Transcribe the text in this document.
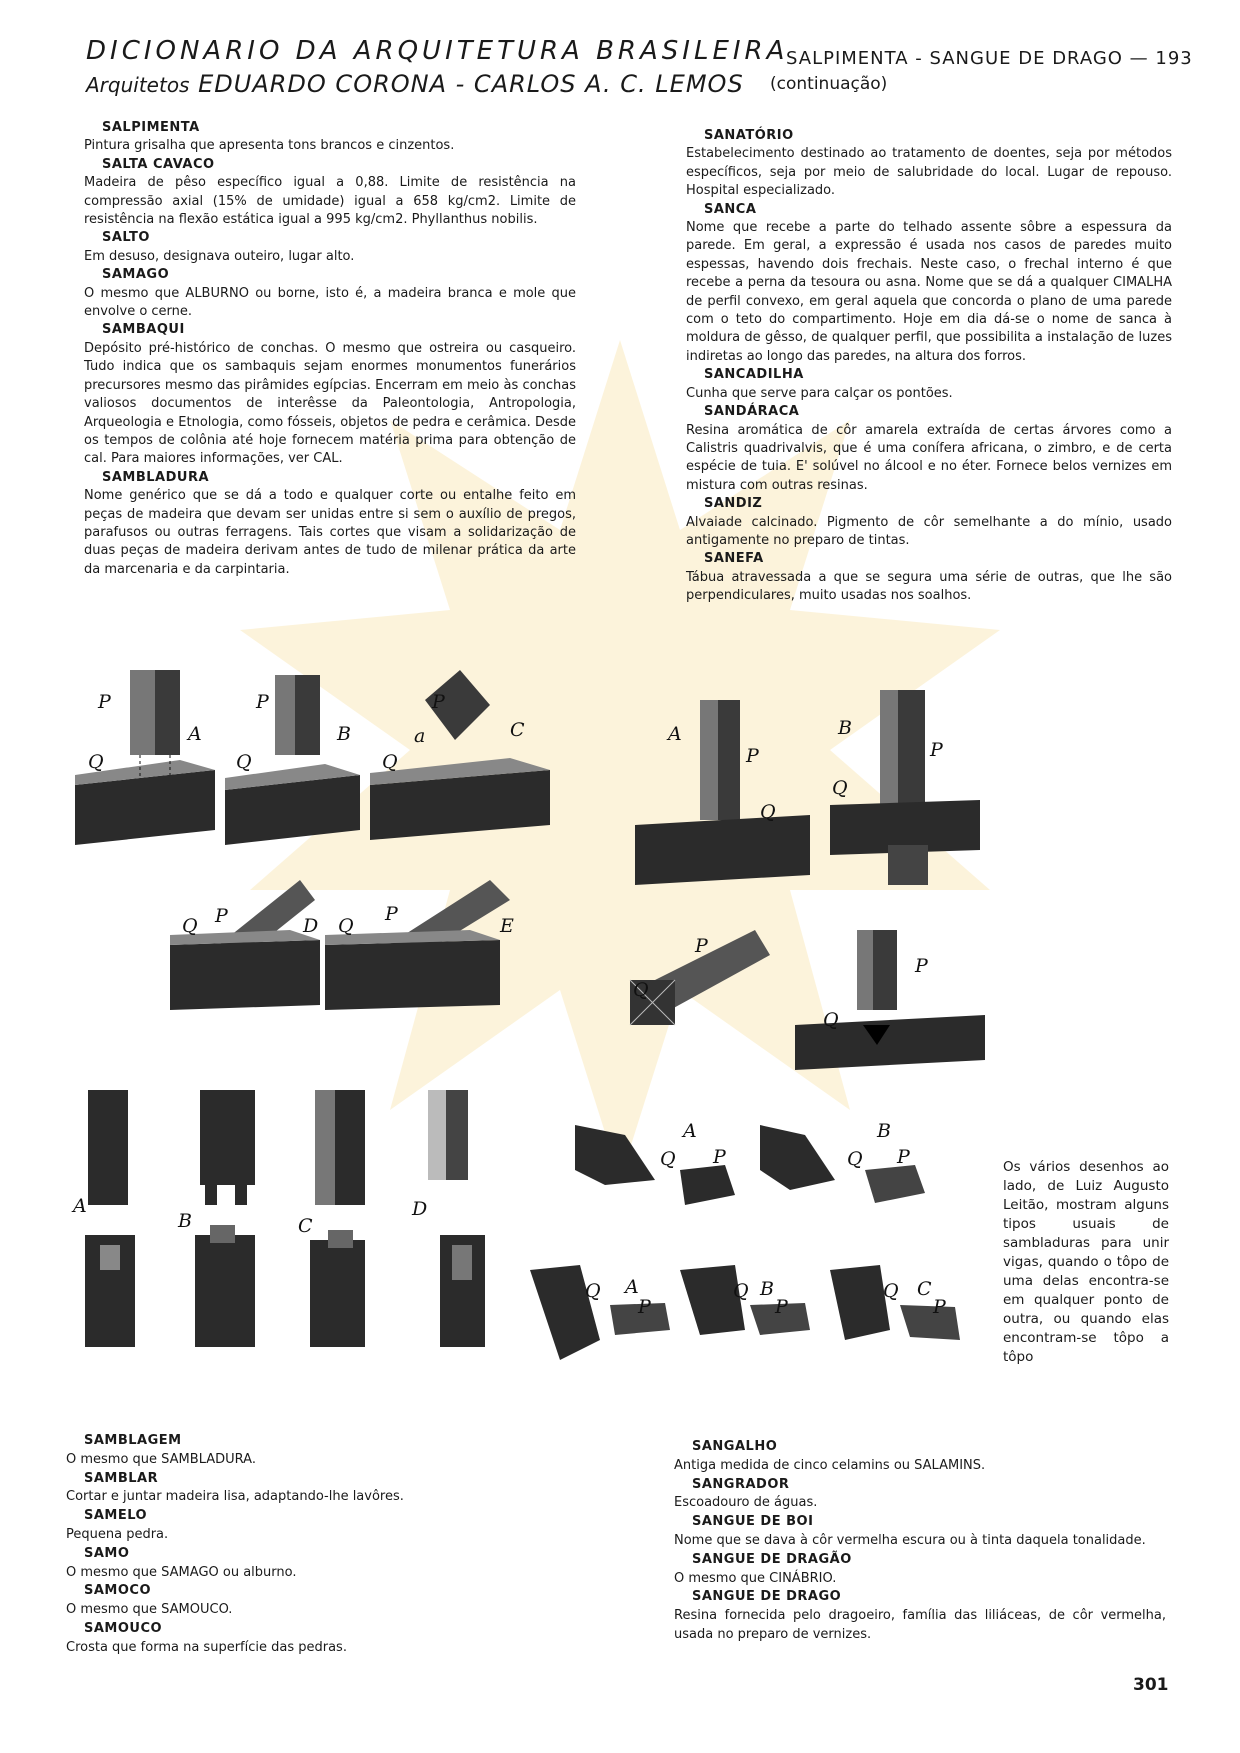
DICIONARIO DA ARQUITETURA BRASILEIRA
Arquitetos EDUARDO CORONA - CARLOS A. C. LEMOS
SALPIMENTA - SANGUE DE DRAGO — 193
(continuação)
SALPIMENTA
Pintura grisalha que apresenta tons brancos e cinzentos.
SALTA CAVACO
Madeira de pêso específico igual a 0,88. Limite de resistência na compressão axial (15% de umidade) igual a 658 kg/cm2. Limite de resistência na flexão estática igual a 995 kg/cm2. Phyllanthus nobilis.
SALTO
Em desuso, designava outeiro, lugar alto.
SAMAGO
O mesmo que ALBURNO ou borne, isto é, a madeira branca e mole que envolve o cerne.
SAMBAQUI
Depósito pré-histórico de conchas. O mesmo que ostreira ou casqueiro. Tudo indica que os sambaquis sejam enormes monumentos funerários precursores mesmo das pirâmides egípcias. Encerram em meio às conchas valiosos documentos de interêsse da Paleontologia, Antropologia, Arqueologia e Etnologia, como fósseis, objetos de pedra e cerâmica. Desde os tempos de colônia até hoje fornecem matéria prima para obtenção de cal. Para maiores informações, ver CAL.
SAMBLADURA
Nome genérico que se dá a todo e qualquer corte ou entalhe feito em peças de madeira que devam ser unidas entre si sem o auxílio de pregos, parafusos ou outras ferragens. Tais cortes que visam a solidarização de duas peças de madeira derivam antes de tudo de milenar prática da arte da marcenaria e da carpintaria.
SANATÓRIO
Estabelecimento destinado ao tratamento de doentes, seja por métodos específicos, seja por meio de salubridade do local. Lugar de repouso. Hospital especializado.
SANCA
Nome que recebe a parte do telhado assente sôbre a espessura da parede. Em geral, a expressão é usada nos casos de paredes muito espessas, havendo dois frechais. Neste caso, o frechal interno é que recebe a perna da tesoura ou asna. Nome que se dá a qualquer CIMALHA de perfil convexo, em geral aquela que concorda o plano de uma parede com o teto do compartimento. Hoje em dia dá-se o nome de sanca à moldura de gêsso, de qualquer perfil, que possibilita a instalação de luzes indiretas ao longo das paredes, na altura dos forros.
SANCADILHA
Cunha que serve para calçar os pontões.
SANDÁRACA
Resina aromática de côr amarela extraída de certas árvores como a Calistris quadrivalvis, que é uma conífera africana, o zimbro, e de certa espécie de tuia. E' solúvel no álcool e no éter. Fornece belos vernizes em mistura com outras resinas.
SANDIZ
Alvaiade calcinado. Pigmento de côr semelhante a do mínio, usado antigamente no preparo de tintas.
SANEFA
Tábua atravessada a que se segura uma série de outras, que lhe são perpendiculares, muito usadas nos soalhos.
P
A
Q
P
B
Q
P
a	C
Q
Q P	D Q
P
E
A
P
Q
B
P
Q
P
Q
P
Q
A
B	C
D
Q
A
P	Q
B
P
Q A
P
Q B
P
Q C
P
Os vários desenhos ao lado, de Luiz Augusto Leitão, mostram alguns tipos usuais de sambladuras para unir vigas, quando o tôpo de uma delas encontra-se em qualquer ponto de outra, ou quando elas encontram-se tôpo a tôpo
SAMBLAGEM
O mesmo que SAMBLADURA.
SAMBLAR
Cortar e juntar madeira lisa, adaptando-lhe lavôres.
SAMELO
Pequena pedra.
SAMO
O mesmo que SAMAGO ou alburno.
SAMOCO
O mesmo que SAMOUCO.
SAMOUCO
Crosta que forma na superfície das pedras.
SANGALHO
Antiga medida de cinco celamins ou SALAMINS.
SANGRADOR
Escoadouro de águas.
SANGUE DE BOI
Nome que se dava à côr vermelha escura ou à tinta daquela tonalidade.
SANGUE DE DRAGÃO
O mesmo que CINÁBRIO.
SANGUE DE DRAGO
Resina fornecida pelo dragoeiro, família das liliáceas, de côr vermelha, usada no preparo de vernizes.
301
